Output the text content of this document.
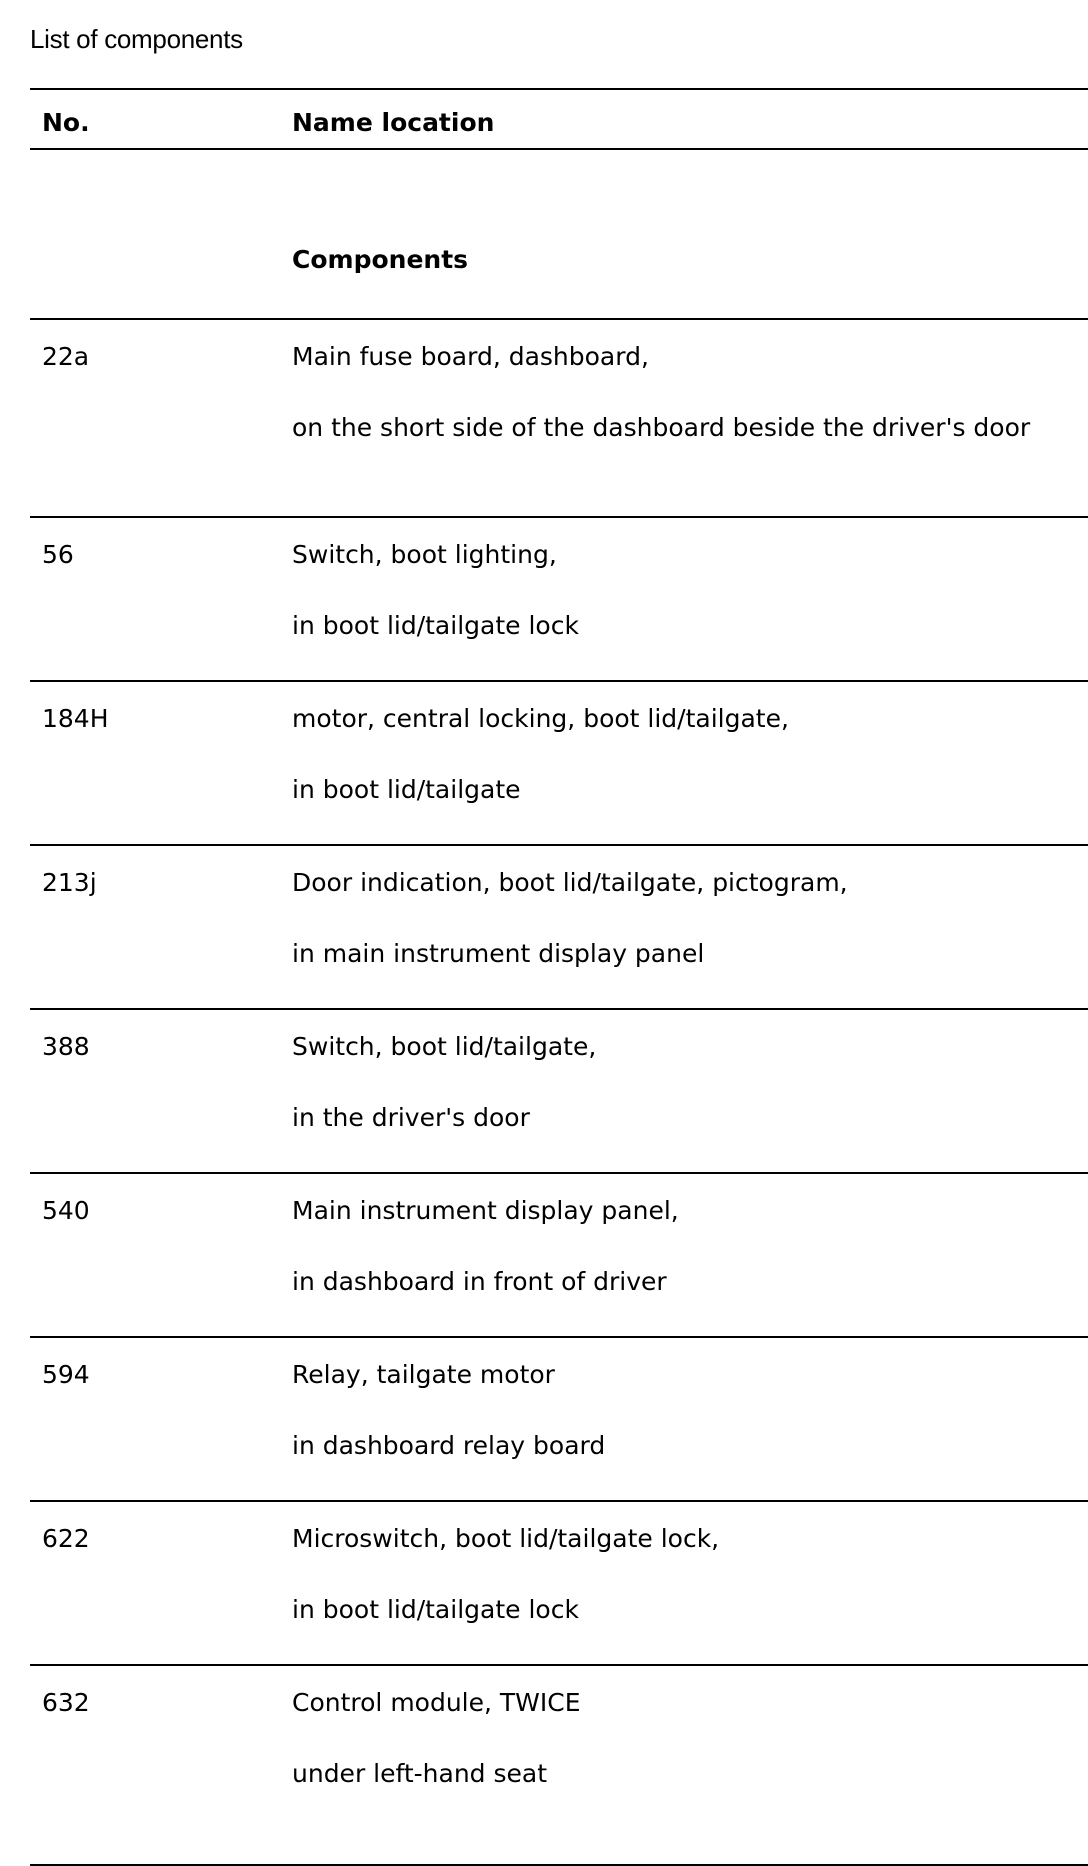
List of components
No.	Name location
Components
22a	Main fuse board, dashboard,
on the short side of the dashboard beside the driver's door
56	Switch, boot lighting,
in boot lid/tailgate lock
184H	motor, central locking, boot lid/tailgate,
in boot lid/tailgate
213j	Door indication, boot lid/tailgate, pictogram,
in main instrument display panel
388	Switch, boot lid/tailgate,
in the driver's door
540	Main instrument display panel,
in dashboard in front of driver
594	Relay, tailgate motor
in dashboard relay board
622	Microswitch, boot lid/tailgate lock,
in boot lid/tailgate lock
632	Control module, TWICE
under left-hand seat
